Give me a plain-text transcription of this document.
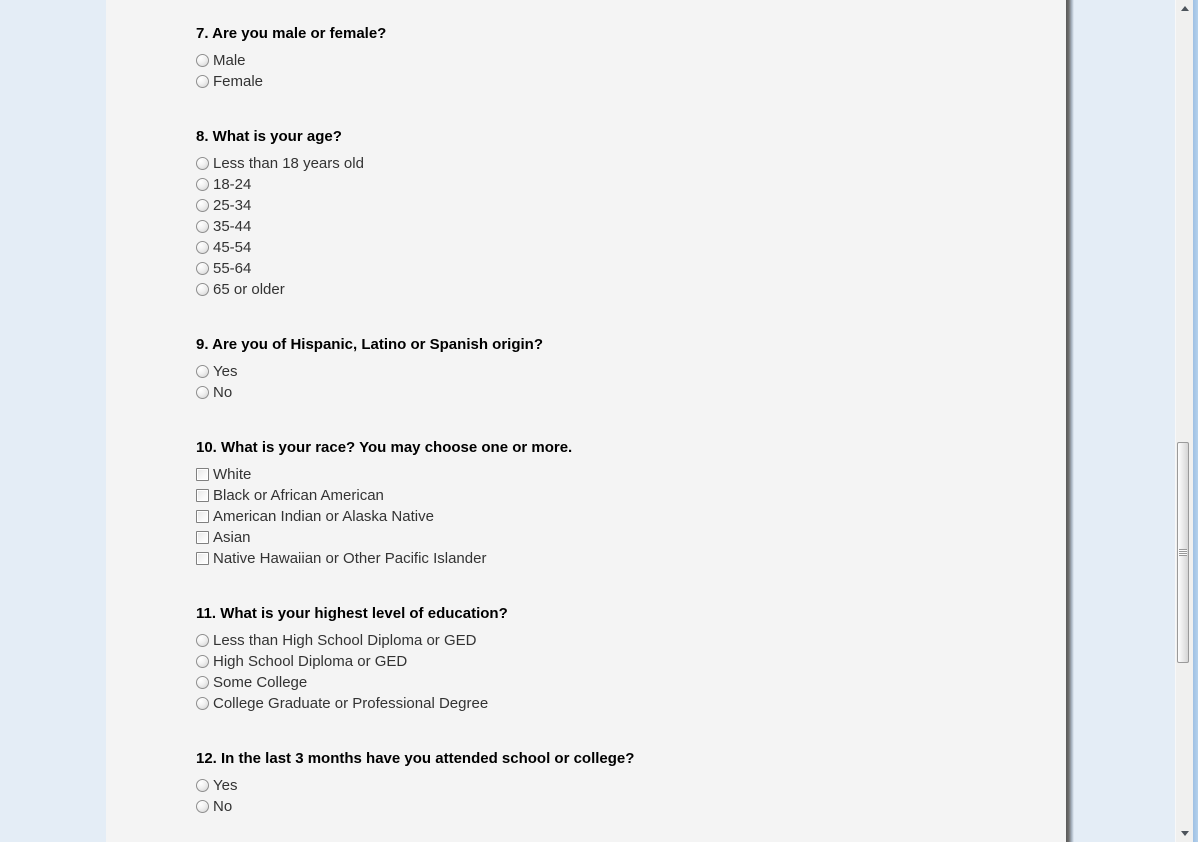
7. Are you male or female?
Male
Female
8. What is your age?
Less than 18 years old
18-24
25-34
35-44
45-54
55-64
65 or older
9. Are you of Hispanic, Latino or Spanish origin?
Yes
No
10. What is your race? You may choose one or more.
White
Black or African American
American Indian or Alaska Native
Asian
Native Hawaiian or Other Pacific Islander
11. What is your highest level of education?
Less than High School Diploma or GED
High School Diploma or GED
Some College
College Graduate or Professional Degree
12. In the last 3 months have you attended school or college?
Yes
No
